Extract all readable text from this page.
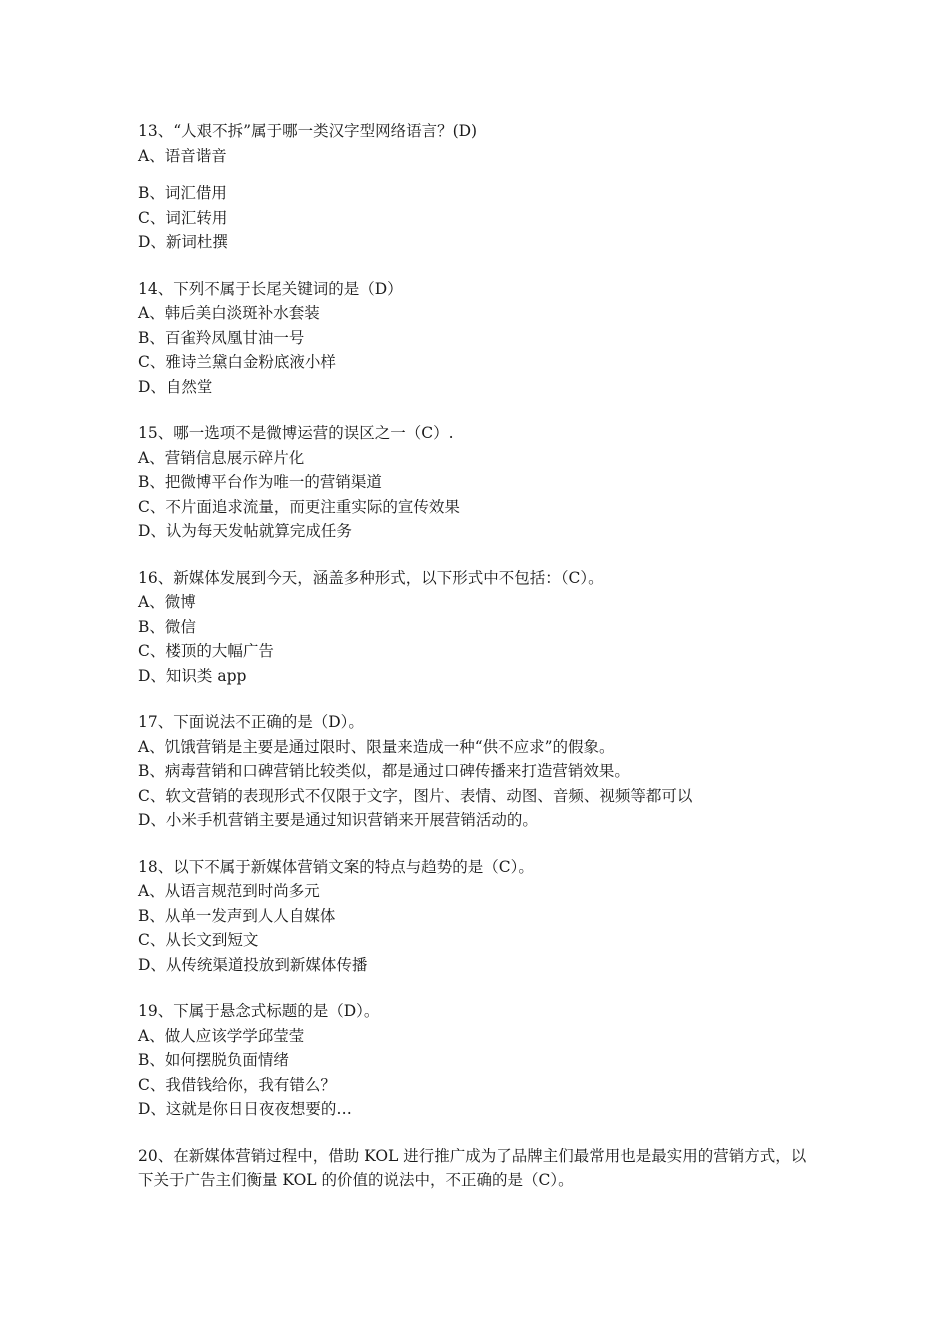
13、“人艰不拆”属于哪一类汉字型网络语言？(D)
A、语音谐音
B、词汇借用
C、词汇转用
D、新词杜撰
14、下列不属于长尾关键词的是（D）
A、韩后美白淡斑补水套装
B、百雀羚凤凰甘油一号
C、雅诗兰黛白金粉底液小样
D、自然堂
15、哪一选项不是微博运营的误区之一（C）.
A、营销信息展示碎片化
B、把微博平台作为唯一的营销渠道
C、不片面追求流量，而更注重实际的宣传效果
D、认为每天发帖就算完成任务
16、新媒体发展到今天，涵盖多种形式，以下形式中不包括：（C）。
A、微博
B、微信
C、楼顶的大幅广告
D、知识类 app
17、下面说法不正确的是（D）。
A、饥饿营销是主要是通过限时、限量来造成一种“供不应求”的假象。
B、病毒营销和口碑营销比较类似，都是通过口碑传播来打造营销效果。
C、软文营销的表现形式不仅限于文字，图片、表情、动图、音频、视频等都可以
D、小米手机营销主要是通过知识营销来开展营销活动的。
18、以下不属于新媒体营销文案的特点与趋势的是（C）。
A、从语言规范到时尚多元
B、从单一发声到人人自媒体
C、从长文到短文
D、从传统渠道投放到新媒体传播
19、下属于悬念式标题的是（D）。
A、做人应该学学邱莹莹
B、如何摆脱负面情绪
C、我借钱给你，我有错么？
D、这就是你日日夜夜想要的…
20、在新媒体营销过程中，借助 KOL 进行推广成为了品牌主们最常用也是最实用的营销方式，以下关于广告主们衡量 KOL 的价值的说法中，不正确的是（C）。
